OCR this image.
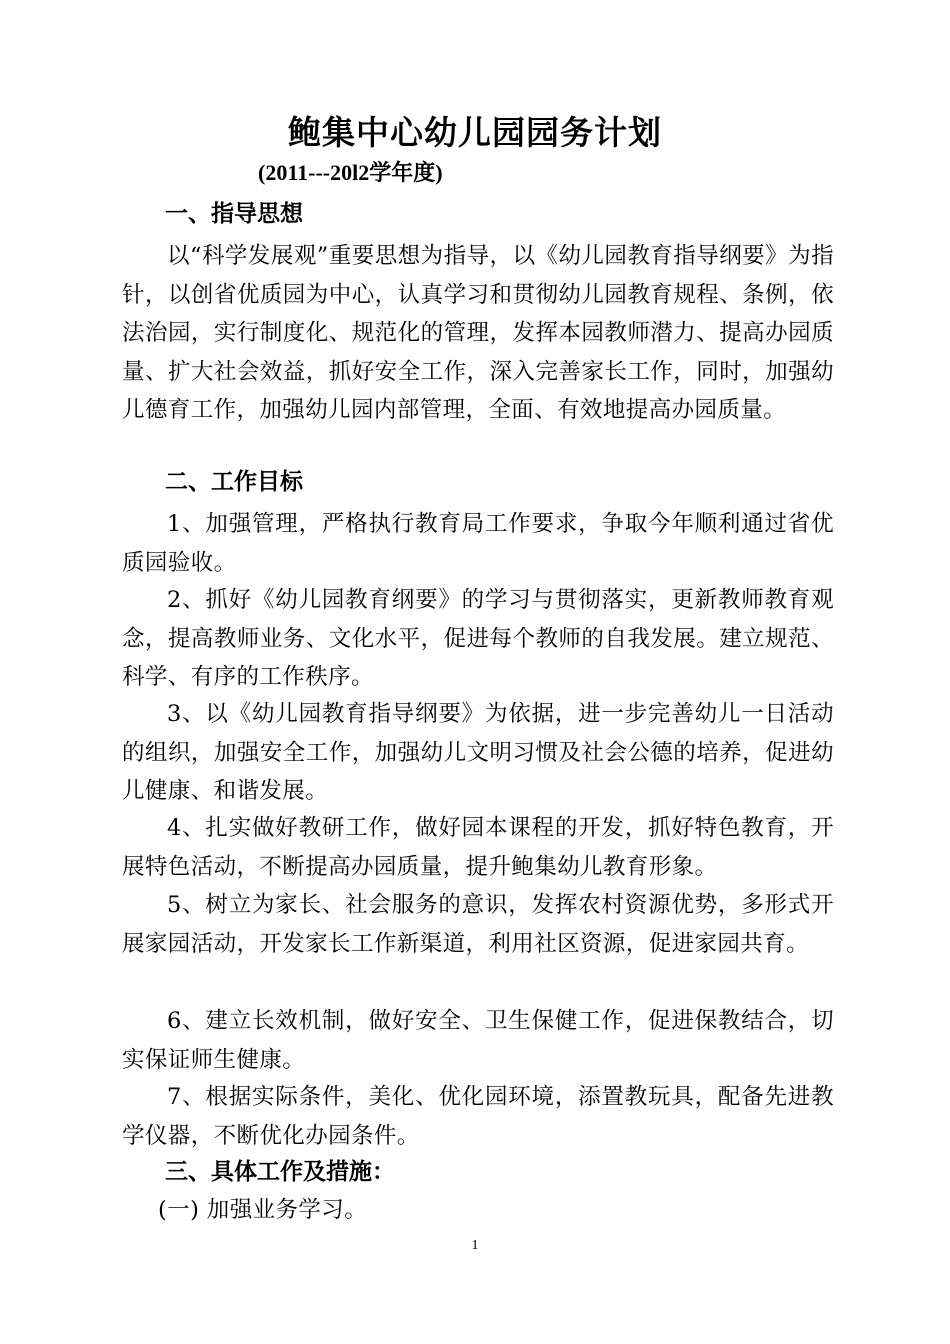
鲍集中心幼儿园园务计划
(2011---20l2学年度)
一、指导思想

以“科学发展观”重要思想为指导，以《幼儿园教育指导纲要》为指针，以创省优质园为中心，认真学习和贯彻幼儿园教育规程、条例，依法治园，实行制度化、规范化的管理，发挥本园教师潜力、提高办园质量、扩大社会效益，抓好安全工作，深入完善家长工作，同时，加强幼儿德育工作，加强幼儿园内部管理，全面、有效地提高办园质量。

二、工作目标

1、加强管理，严格执行教育局工作要求，争取今年顺利通过省优质园验收。

2、抓好《幼儿园教育纲要》的学习与贯彻落实，更新教师教育观念，提高教师业务、文化水平，促进每个教师的自我发展。建立规范、科学、有序的工作秩序。

3、以《幼儿园教育指导纲要》为依据，进一步完善幼儿一日活动的组织，加强安全工作，加强幼儿文明习惯及社会公德的培养，促进幼儿健康、和谐发展。

4、扎实做好教研工作，做好园本课程的开发，抓好特色教育，开展特色活动，不断提高办园质量，提升鲍集幼儿教育形象。

5、树立为家长、社会服务的意识，发挥农村资源优势，多形式开展家园活动，开发家长工作新渠道，利用社区资源，促进家园共育。

6、建立长效机制，做好安全、卫生保健工作，促进保教结合，切实保证师生健康。

7、根据实际条件，美化、优化园环境，添置教玩具，配备先进教学仪器，不断优化办园条件。

三、具体工作及措施：
(一) 加强业务学习。
1
